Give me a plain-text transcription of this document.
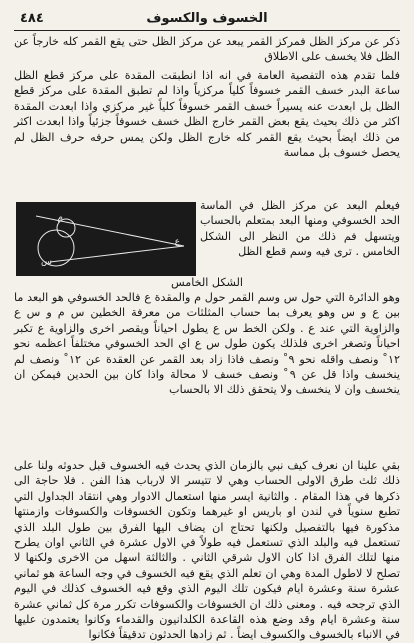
الخسوف والكسوف
٤٨٤

ذكر عن مركز الظل فمركز القمر يبعد عن مركز الظل حتى يقع القمر كله خارجاً عن الظل فلا يخسف على الاطلاق

فلما تقدم هذه التفصية العامة في انه اذا انطبقت المقدة على مركز قطع الظل ساعة البدر خسف القمر خسوفاً كلياً مركزياً واذا لم تطبق المقدة على مركز قطع الظل بل ابعدت عنه يسيراً خسف القمر خسوفاً كلياً غير مركزي واذا ابعدت المقدة اكثر من ذلك بحيث يقع بعض القمر خارج الظل خسف خسوفاً جزئياً واذا ابعدت اكثر من ذلك ايضاً بحيث يقع القمر كله خارج الظل ولكن يمس حرفه حرف الظل لم يحصل خسوف بل مماسة

فيعلم البعد عن مركز الظل في الماسة الحد الخسوفي ومنها البعد بمتعلم بالحساب ويتسهل فم ذلك من النظر الى الشكل الخامس . ترى فيه وسم قطع الظل

ع
م
س
الشكل الخامس

وهو الدائرة التي حول س وسم القمر حول م والمقدة ع فالحد الخسوفي هو البعد ما بين ع و س وهو يعرف بما حساب المثلثات من معرفة الخطين س م و س ع والزاوية التي عند ع . ولكن الخط س ع يطول احياناً ويقصر اخرى والزاوية ع تكبر احياناً وتصغر اخرى فلذلك يكون طول س ع اي الحد الخسوفي مختلفاً اعظمه نحو ١٢ ْ ونصف واقله نحو ٩ ْ ونصف فاذا زاد بعد القمر عن العقدة عن ١٢ ْ ونصف لم ينخسف واذا قل عن ٩ ْ ونصف خسف لا محالة واذا كان بين الحدين فيمكن ان ينخسف وان لا ينخسف ولا يتحقق ذلك الا بالحساب

بقي علينا ان نعرف كيف نبي بالزمان الذي يحدث فيه الخسوف قبل حدوثه ولنا على ذلك ثلث طرق الاولى الحساب وهي لا تتيسر الا لارباب هذا الفن . فلا حاجة الى ذكرها في هذا المقام . والثانية ايسر منها استعمال الادوار وهي انتقاد الجداول التي تطبع سنوياً في لندن او باريس او غيرهما وتكون الخسوفات والكسوفات وازمنتها مذكورة فيها بالتفصيل ولكنها تحتاج ان يضاف اليها الفرق بين طول البلد الذي تستعمل فيه والبلد الذي تستعمل فيه طولاً في الاول عشرة في الثاني اوان يطرح منها لتلك الفرق اذا كان الاول شرقي الثاني . والثالثة اسهل من الاخرى ولكنها لا تصلح لا لاطول المدة وهي ان تعلم الذي يقع فيه الخسوف في وجه الساعة هو ثماني عشرة سنة وعشرة ايام فيكون تلك اليوم الذي وقع فيه الخسوف كذلك في اليوم الذي ترجحه فيه . ومعنى ذلك ان الخسوفات والكسوفات تكرر مرة كل ثماني عشرة سنة وعشرة ايام وقد وضع هذه القاعدة الكلدانيون والقدماء وكانوا يعتمدون عليها في الانباء بالخسوف والكسوف ايضاً . ثم زادها الحدثون تدقيقاً فكانوا
